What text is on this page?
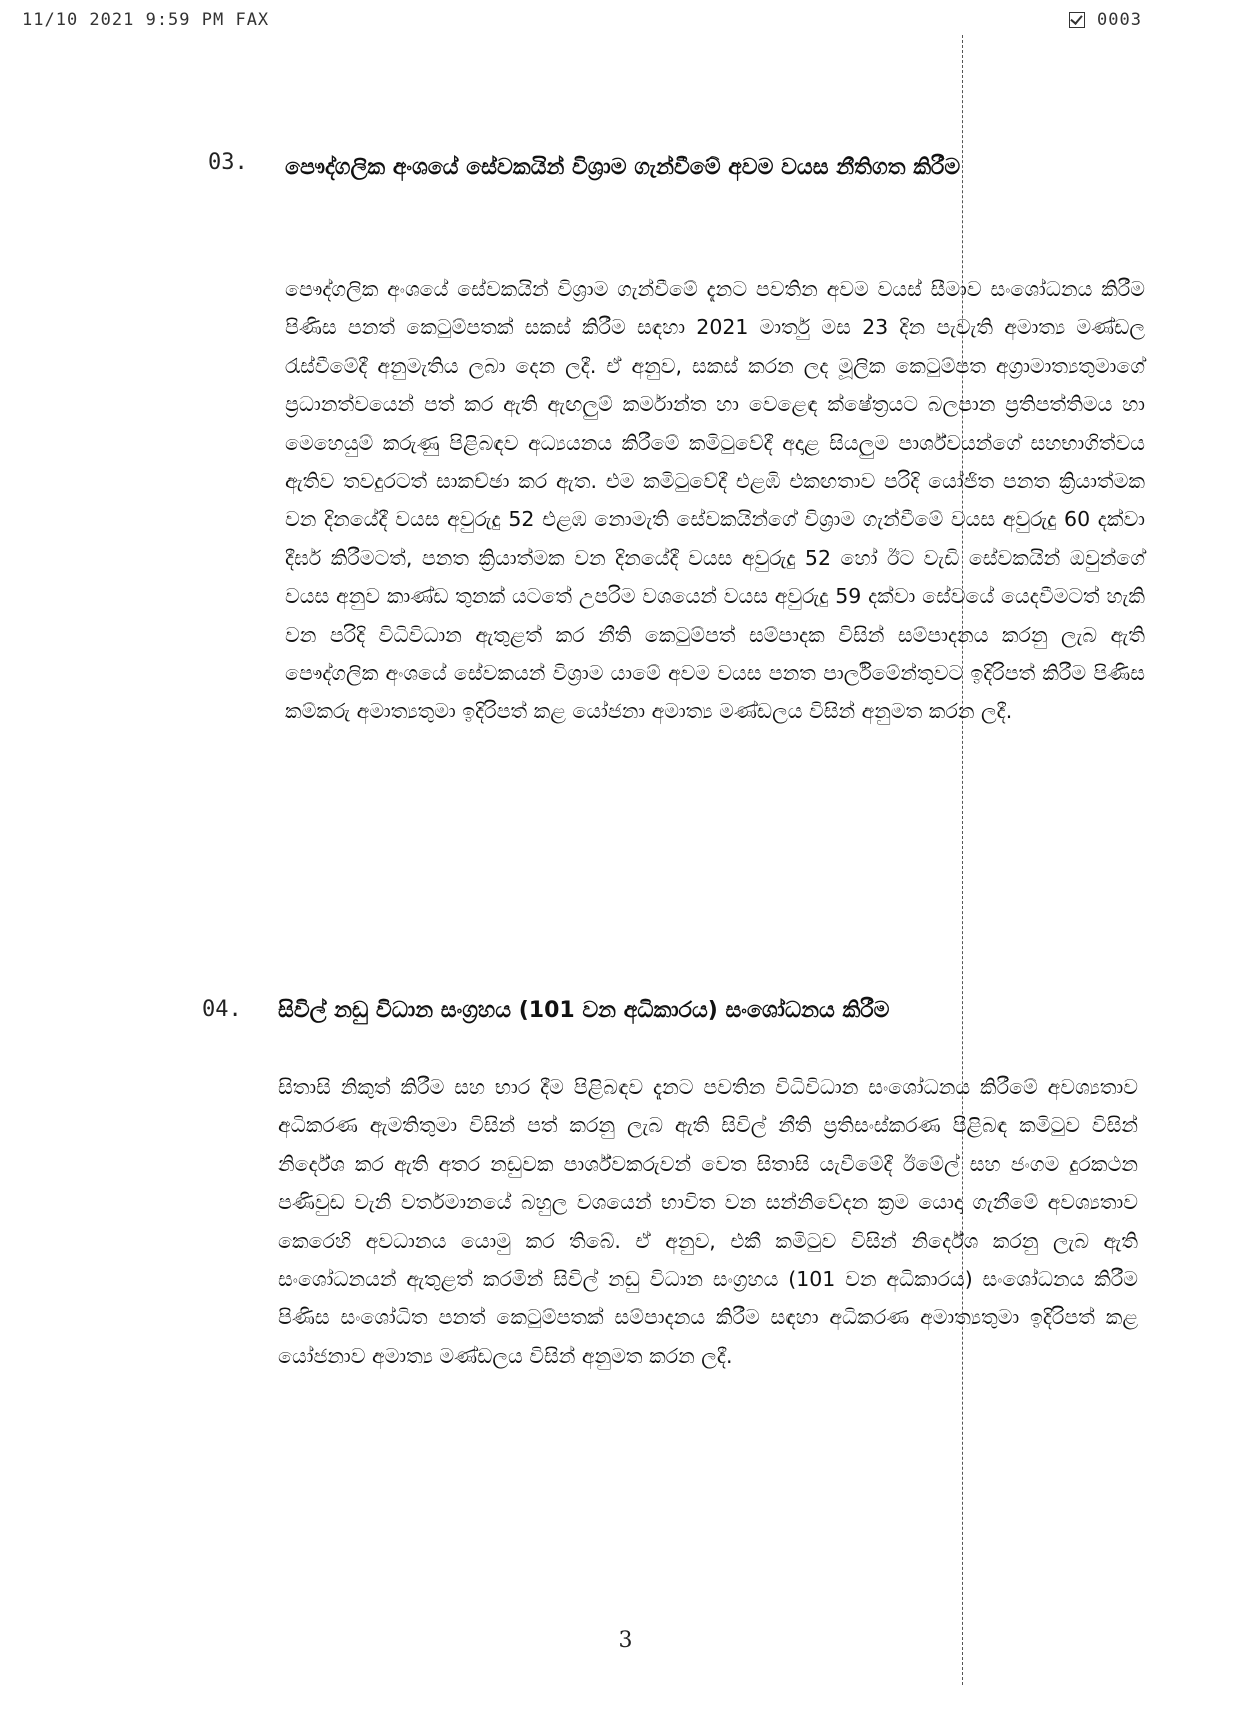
11/10 2021 9:59 PM FAX	0003
03. පෞද්ගලික අංශයේ සේවකයින් විශ්‍රාම ගැන්වීමේ අවම වයස නීතිගත කිරීම
පෞද්ගලික අංශයේ සේවකයින් විශ්‍රාම ගැන්වීමේ දැනට පවතින අවම වයස් සීමාව සංශෝධනය කිරීම පිණිස පනත් කෙටුම්පතක් සකස් කිරීම සඳහා 2021 මාර්තු මස 23 දින පැවැති අමාත්‍ය මණ්ඩල රැස්වීමේදී අනුමැතිය ලබා දෙන ලදී. ඒ අනුව, සකස් කරන ලද මූලික කෙටුම්පත අග්‍රාමාත්‍යතුමාගේ ප්‍රධානත්වයෙන් පත් කර ඇති ඇඟලුම් කර්මාන්ත හා වෙළෙඳ ක්ෂේත්‍රයට බලපාන ප්‍රතිපත්තිමය හා මෙහෙයුම් කරුණු පිළිබඳව අධ්‍යයනය කිරීමේ කමිටුවේදී අදාළ සියලුම පාර්ශ්වයන්ගේ සහභාගිත්වය ඇතිව තවදුරටත් සාකච්ඡා කර ඇත. එම කමිටුවේදී එළඹි එකඟතාව පරිදි යෝජිත පනත ක්‍රියාත්මක වන දිනයේදී වයස අවුරුදු 52 එළඹ නොමැති සේවකයින්ගේ විශ්‍රාම ගැන්වීමේ වයස අවුරුදු 60 දක්වා දීර්ඝ කිරීමටත්, පනත ක්‍රියාත්මක වන දිනයේදී වයස අවුරුදු 52 හෝ ඊට වැඩි සේවකයින් ඔවුන්ගේ වයස අනුව කාණ්ඩ තුනක් යටතේ උපරිම වශයෙන් වයස අවුරුදු 59 දක්වා සේවයේ යෙදවීමටත් හැකි වන පරිදි විධිවිධාන ඇතුළත් කර නීති කෙටුම්පත් සම්පාදක විසින් සම්පාදනය කරනු ලැබ ඇති පෞද්ගලික අංශයේ සේවකයන් විශ්‍රාම යාමේ අවම වයස පනත පාර්ලිමේන්තුවට ඉදිරිපත් කිරීම පිණිස කම්කරු අමාත්‍යතුමා ඉදිරිපත් කළ යෝජනා අමාත්‍ය මණ්ඩලය විසින් අනුමත කරන ලදී.
04. සිවිල් නඩු විධාන සංග්‍රහය (101 වන අධිකාරය) සංශෝධනය කිරීම
සිතාසි නිකුත් කිරීම සහ භාර දීම පිළිබඳව දැනට පවතින විධිවිධාන සංශෝධනය කිරීමේ අවශ්‍යතාව අධිකරණ ඇමතිතුමා විසින් පත් කරනු ලැබ ඇති සිවිල් නීති ප්‍රතිසංස්කරණ පිළිබඳ කමිටුව විසින් නිර්දේශ කර ඇති අතර නඩුවක පාර්ශ්වකරුවන් වෙත සිතාසි යැවීමේදී ඊමේල් සහ ජංගම දුරකථන පණිවුඩ වැනි වර්තමානයේ බහුල වශයෙන් භාවිත වන සන්නිවේදන ක්‍රම යොදා ගැනීමේ අවශ්‍යතාව කෙරෙහි අවධානය යොමු කර තිබේ. ඒ අනුව, එකී කමිටුව විසින් නිර්දේශ කරනු ලැබ ඇති සංශෝධනයන් ඇතුළත් කරමින් සිවිල් නඩු විධාන සංග්‍රහය (101 වන අධිකාරය) සංශෝධනය කිරීම පිණිස සංශෝධිත පනත් කෙටුම්පතක් සම්පාදනය කිරීම සඳහා අධිකරණ අමාත්‍යතුමා ඉදිරිපත් කළ යෝජනාව අමාත්‍ය මණ්ඩලය විසින් අනුමත කරන ලදී.
3
